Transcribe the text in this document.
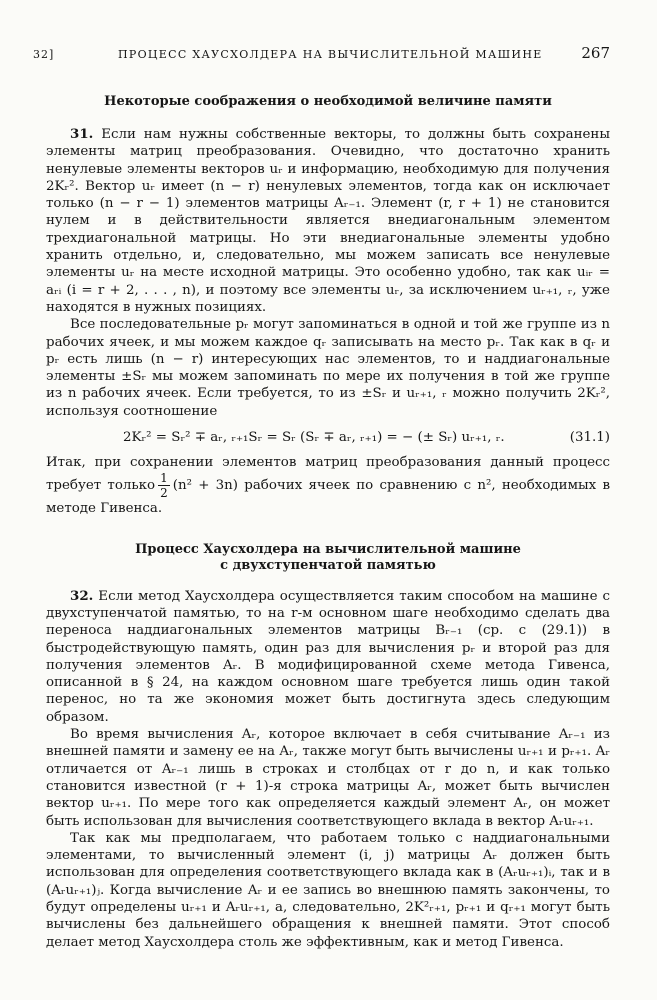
32]	ПРОЦЕСС ХАУСХОЛДЕРА НА ВЫЧИСЛИТЕЛЬНОЙ МАШИНЕ	267

Некоторые соображения о необходимой величине памяти

31. Если нам нужны собственные векторы, то должны быть сохранены элементы матриц преобразования. Очевидно, что достаточно хранить ненулевые элементы векторов uᵣ и информацию, необходимую для получения 2Kᵣ². Вектор uᵣ имеет (n − r) ненулевых элементов, тогда как он исключает только (n − r − 1) элементов матрицы Aᵣ₋₁. Элемент (r, r + 1) не становится нулем и в действительности является внедиагональным элементом трехдиагональной матрицы. Но эти внедиагональные элементы удобно хранить отдельно, и, следовательно, мы можем записать все ненулевые элементы uᵣ на месте исходной матрицы. Это особенно удобно, так как uᵢᵣ = aᵣᵢ (i = r + 2, . . . , n), и поэтому все элементы uᵣ, за исключением uᵣ₊₁, ᵣ, уже находятся в нужных позициях.

Все последовательные pᵣ могут запоминаться в одной и той же группе из n рабочих ячеек, и мы можем каждое qᵣ записывать на место pᵣ. Так как в qᵣ и pᵣ есть лишь (n − r) интересующих нас элементов, то и наддиагональные элементы ±Sᵣ мы можем запоминать по мере их получения в той же группе из n рабочих ячеек. Если требуется, то из ±Sᵣ и uᵣ₊₁, ᵣ можно получить 2Kᵣ², используя соотношение

2Kᵣ² = Sᵣ² ∓ aᵣ, ᵣ₊₁Sᵣ = Sᵣ (Sᵣ ∓ aᵣ, ᵣ₊₁) = − (± Sᵣ) uᵣ₊₁, ᵣ.	(31.1)

Итак, при сохранении элементов матриц преобразования данный процесс требует только $\frac{1}{2} (n^2 + 3n)$ рабочих ячеек по сравнению с n², необходимых в методе Гивенса.

Процесс Хаусхолдера на вычислительной машине

с двухступенчатой памятью

32. Если метод Хаусхолдера осуществляется таким способом на машине с двухступенчатой памятью, то на r-м основном шаге необходимо сделать два переноса наддиагональных элементов матрицы Bᵣ₋₁ (ср. с (29.1)) в быстродействующую память, один раз для вычисления pᵣ и второй раз для получения элементов Aᵣ. В модифицированной схеме метода Гивенса, описанной в § 24, на каждом основном шаге требуется лишь один такой перенос, но та же экономия может быть достигнута здесь следующим образом.

Во время вычисления Aᵣ, которое включает в себя считывание Aᵣ₋₁ из внешней памяти и замену ее на Aᵣ, также могут быть вычислены uᵣ₊₁ и pᵣ₊₁. Aᵣ отличается от Aᵣ₋₁ лишь в строках и столбцах от r до n, и как только становится известной (r + 1)-я строка матрицы Aᵣ, может быть вычислен вектор uᵣ₊₁. По мере того как определяется каждый элемент Aᵣ, он может быть использован для вычисления соответствующего вклада в вектор Aᵣuᵣ₊₁.

Так как мы предполагаем, что работаем только с наддиагональными элементами, то вычисленный элемент (i, j) матрицы Aᵣ должен быть использован для определения соответствующего вклада как в (Aᵣuᵣ₊₁)ᵢ, так и в (Aᵣuᵣ₊₁)ⱼ. Когда вычисление Aᵣ и ее запись во внешнюю память закончены, то будут определены uᵣ₊₁ и Aᵣuᵣ₊₁, а, следовательно, 2K²ᵣ₊₁, pᵣ₊₁ и qᵣ₊₁ могут быть вычислены без дальнейшего обращения к внешней памяти. Этот способ делает метод Хаусхолдера столь же эффективным, как и метод Гивенса.
